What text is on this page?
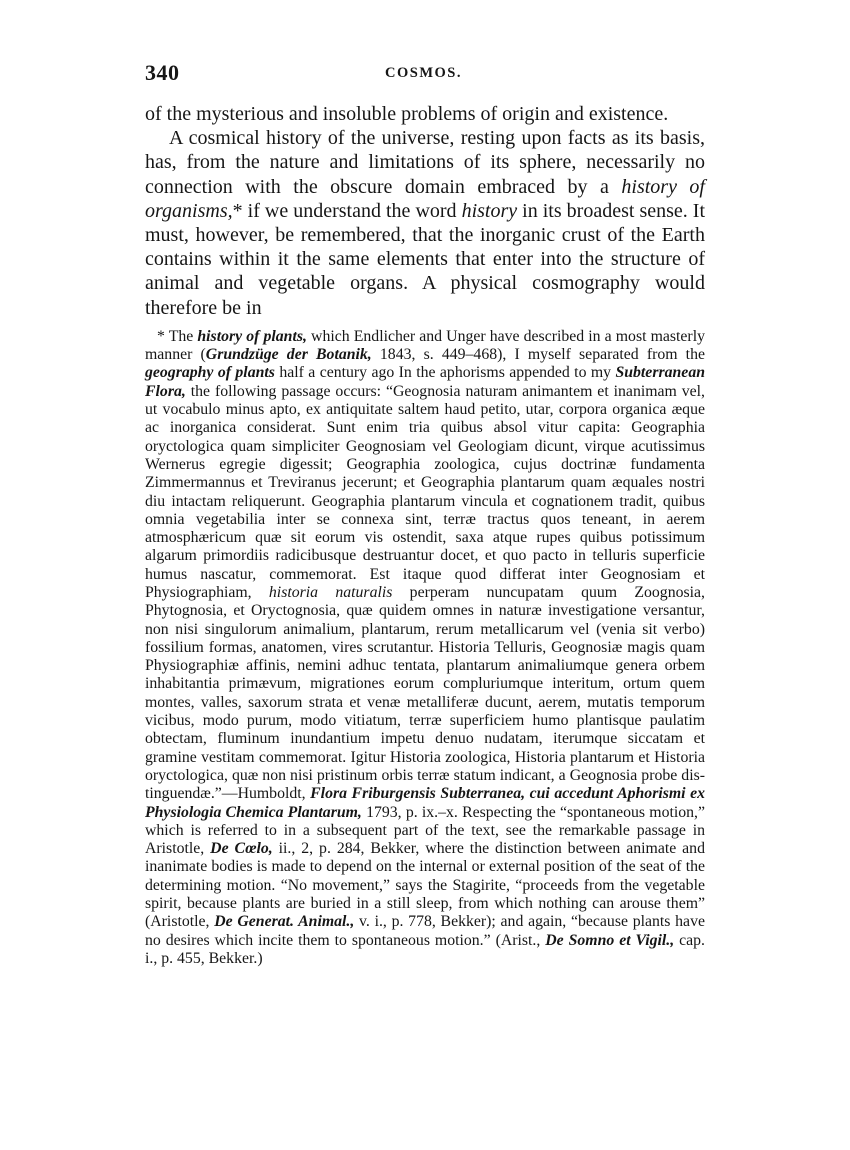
340	COSMOS.

of the mysterious and insoluble problems of origin and existence.

A cosmical history of the universe, resting upon facts as its basis, has, from the nature and limitations of its sphere, necessarily no connection with the obscure domain embraced by a history of organisms,* if we understand the word history in its broadest sense. It must, however, be remembered, that the inorganic crust of the Earth contains within it the same elements that enter into the structure of animal and vegetable organs. A physical cosmography would therefore be in

* The history of plants, which Endlicher and Unger have described in a most masterly manner (Grundzüge der Botanik, 1843, s. 449–468), I myself separated from the geography of plants half a century ago In the aphorisms appended to my Subterranean Flora, the following passage occurs: “Geognosia naturam animantem et inanimam vel, ut vocabulo minus apto, ex antiquitate saltem haud petito, utar, corpora organica æque ac inorganica considerat. Sunt enim tria quibus absol vitur capita: Geographia oryctologica quam simpliciter Geognosiam vel Geologiam dicunt, virque acutissimus Wernerus egregie digessit; Geographia zoologica, cujus doctrinæ fundamenta Zimmermannus et Treviranus jecerunt; et Geographia plantarum quam æquales nostri diu intactam reliquerunt. Geographia plantarum vincula et cognationem tradit, quibus omnia vegetabilia inter se connexa sint, terræ tractus quos teneant, in aerem atmosphæricum quæ sit eorum vis ostendit, saxa atque rupes quibus potissimum algarum primordiis radicibusque destruantur docet, et quo pacto in telluris superficie humus nascatur, commemorat. Est itaque quod differat inter Geognosiam et Physiographiam, historia naturalis perperam nuncupatam quum Zoognosia, Phytognosia, et Oryctognosia, quæ quidem omnes in naturæ investigatione versantur, non nisi singulorum animalium, plantarum, rerum metallicarum vel (venia sit verbo) fossilium formas, anatomen, vires scrutantur. Historia Telluris, Geognosiæ magis quam Physiographiæ affinis, nemini adhuc tentata, plantarum animaliumque genera orbem inhabitantia primævum, migrationes eorum compluriumque interitum, ortum quem montes, valles, saxorum strata et venæ metalliferæ ducunt, aerem, mutatis temporum vicibus, modo purum, modo vitiatum, terræ superficiem humo plantisque paulatim obtectam, fluminum inundantium impetu denuo nudatam, iterumque siccatam et gramine vestitam commemorat. Igitur Historia zoologica, Historia plantarum et Historia oryctologica, quæ non nisi pristinum orbis terræ statum indicant, a Geognosia probe distinguendæ.”—Humboldt, Flora Friburgensis Subterranea, cui accedunt Aphorismi ex Physiologia Chemica Plantarum, 1793, p. ix.–x. Respecting the “spontaneous motion,” which is referred to in a subsequent part of the text, see the remarkable passage in Aristotle, De Cœlo, ii., 2, p. 284, Bekker, where the distinction between animate and inanimate bodies is made to depend on the internal or external position of the seat of the determining motion. “No movement,” says the Stagirite, “proceeds from the vegetable spirit, because plants are buried in a still sleep, from which nothing can arouse them” (Aristotle, De Generat. Animal., v. i., p. 778, Bekker); and again, “because plants have no desires which incite them to spontaneous motion.” (Arist., De Somno et Vigil., cap. i., p. 455, Bekker.)
